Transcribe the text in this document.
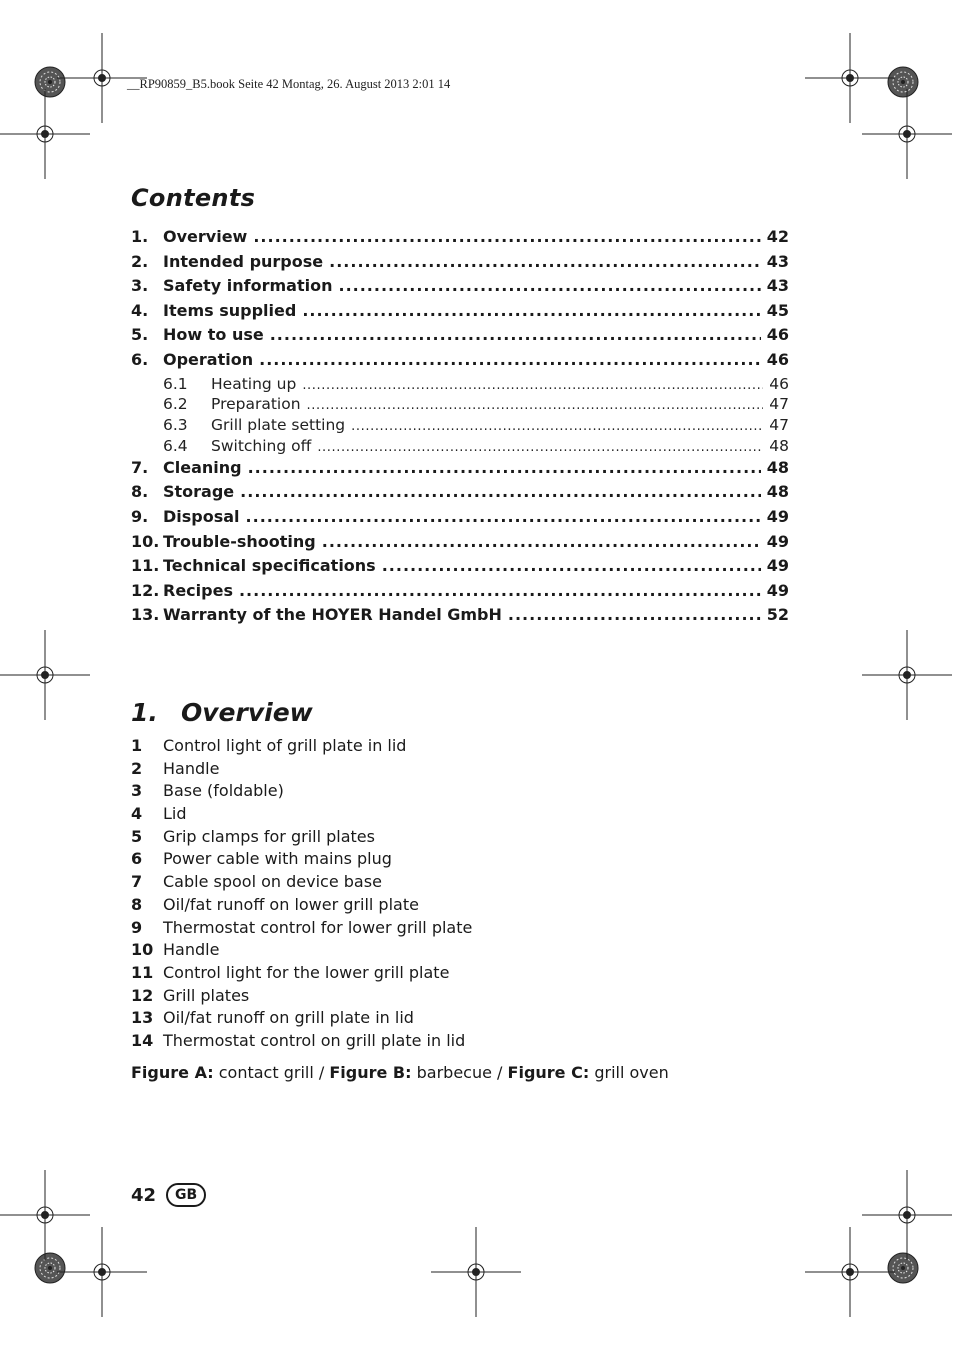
__RP90859_B5.book Seite 42 Montag, 26. August 2013 2:01 14
Contents
1. Overview .....	42
2. Intended purpose .....	43
3. Safety information .....	43
4. Items supplied .....	45
5. How to use .....	46
6. Operation .....	46
6.1	Heating up .....	46
6.2	Preparation .....	47
6.3	Grill plate setting .....	47
6.4	Switching off .....	48
7. Cleaning .....	48
8. Storage .....	48
9. Disposal .....	49
10. Trouble-shooting .....	49
11. Technical specifications .....	49
12. Recipes .....	49
13. Warranty of the HOYER Handel GmbH .....	52
1. Overview
1	Control light of grill plate in lid
2	Handle
3	Base (foldable)
4	Lid
5	Grip clamps for grill plates
6	Power cable with mains plug
7	Cable spool on device base
8	Oil/fat runoff on lower grill plate
9	Thermostat control for lower grill plate
10 Handle
11 Control light for the lower grill plate
12 Grill plates
13 Oil/fat runoff on grill plate in lid
14 Thermostat control on grill plate in lid
Figure A: contact grill / Figure B: barbecue / Figure C: grill oven
42	GB
